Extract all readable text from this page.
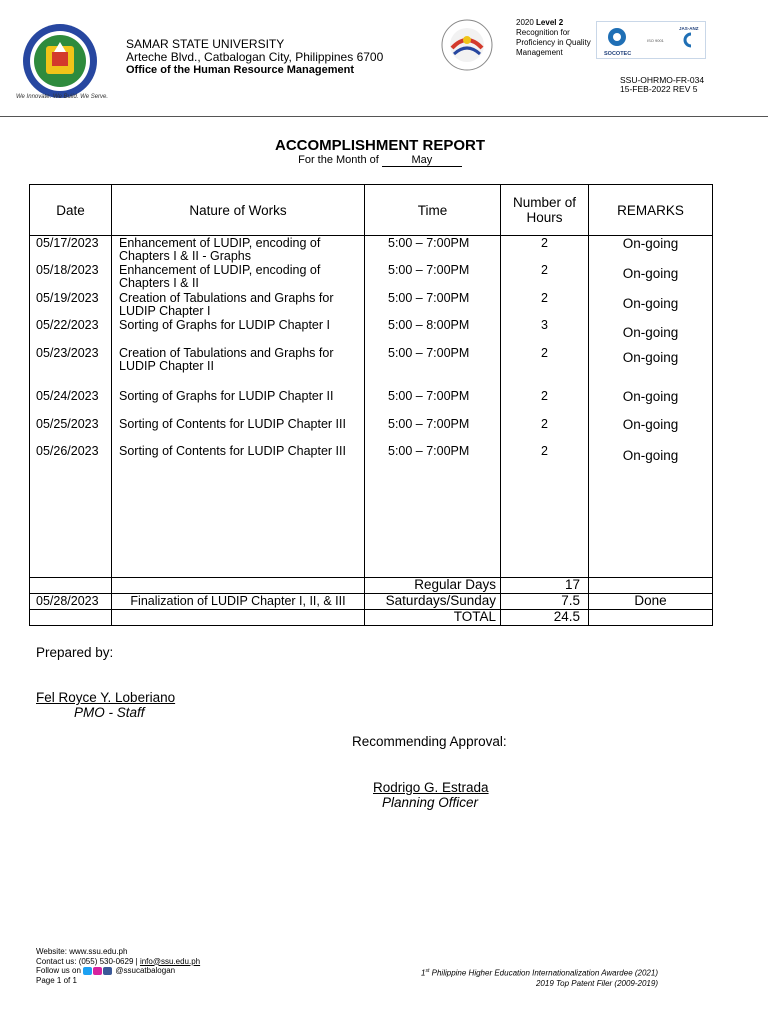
We Innovate. We Build. We Serve.
SAMAR STATE UNIVERSITY
Arteche Blvd., Catbalogan City, Philippines 6700
Office of the Human Resource Management
2020 Level 2
Recognition for Proficiency in Quality Management	SOCOTEC
ISO 9001
JAS-ANZ
SSU-OHRMO-FR-034
15-FEB-2022 REV 5
ACCOMPLISHMENT REPORT
For the Month of	May
Date	Nature of Works	Time	Number of Hours	REMARKS
05/17/2023	Enhancement of LUDIP, encoding of Chapters I & II - Graphs	5:00 – 7:00PM	2	On-going
05/18/2023	Enhancement of LUDIP, encoding of Chapters I & II	5:00 – 7:00PM	2	On-going
05/19/2023	Creation of Tabulations and Graphs for LUDIP Chapter I	5:00 – 7:00PM	2	On-going
05/22/2023	Sorting of Graphs for LUDIP Chapter I	5:00 – 8:00PM	3	On-going
05/23/2023	Creation of Tabulations and Graphs for LUDIP Chapter II	5:00 – 7:00PM	2	On-going
05/24/2023	Sorting of Graphs for LUDIP Chapter II	5:00 – 7:00PM	2	On-going
05/25/2023	Sorting of Contents for LUDIP Chapter III	5:00 – 7:00PM	2	On-going
05/26/2023	Sorting of Contents for LUDIP Chapter III	5:00 – 7:00PM	2	On-going

		Regular Days	17	
05/28/2023	Finalization of LUDIP Chapter I, II, & III	Saturdays/Sunday	7.5	Done
		TOTAL	24.5	
Prepared by:
Fel Royce Y. Loberiano
PMO - Staff
Recommending Approval:
Rodrigo G. Estrada
Planning Officer
Website: www.ssu.edu.ph
Contact us: (055) 530-0629 | info@ssu.edu.ph
Follow us on	@ssucatbalogan
Page 1 of 1
1st Philippine Higher Education Internationalization Awardee (2021)
2019 Top Patent Filer (2009-2019)
